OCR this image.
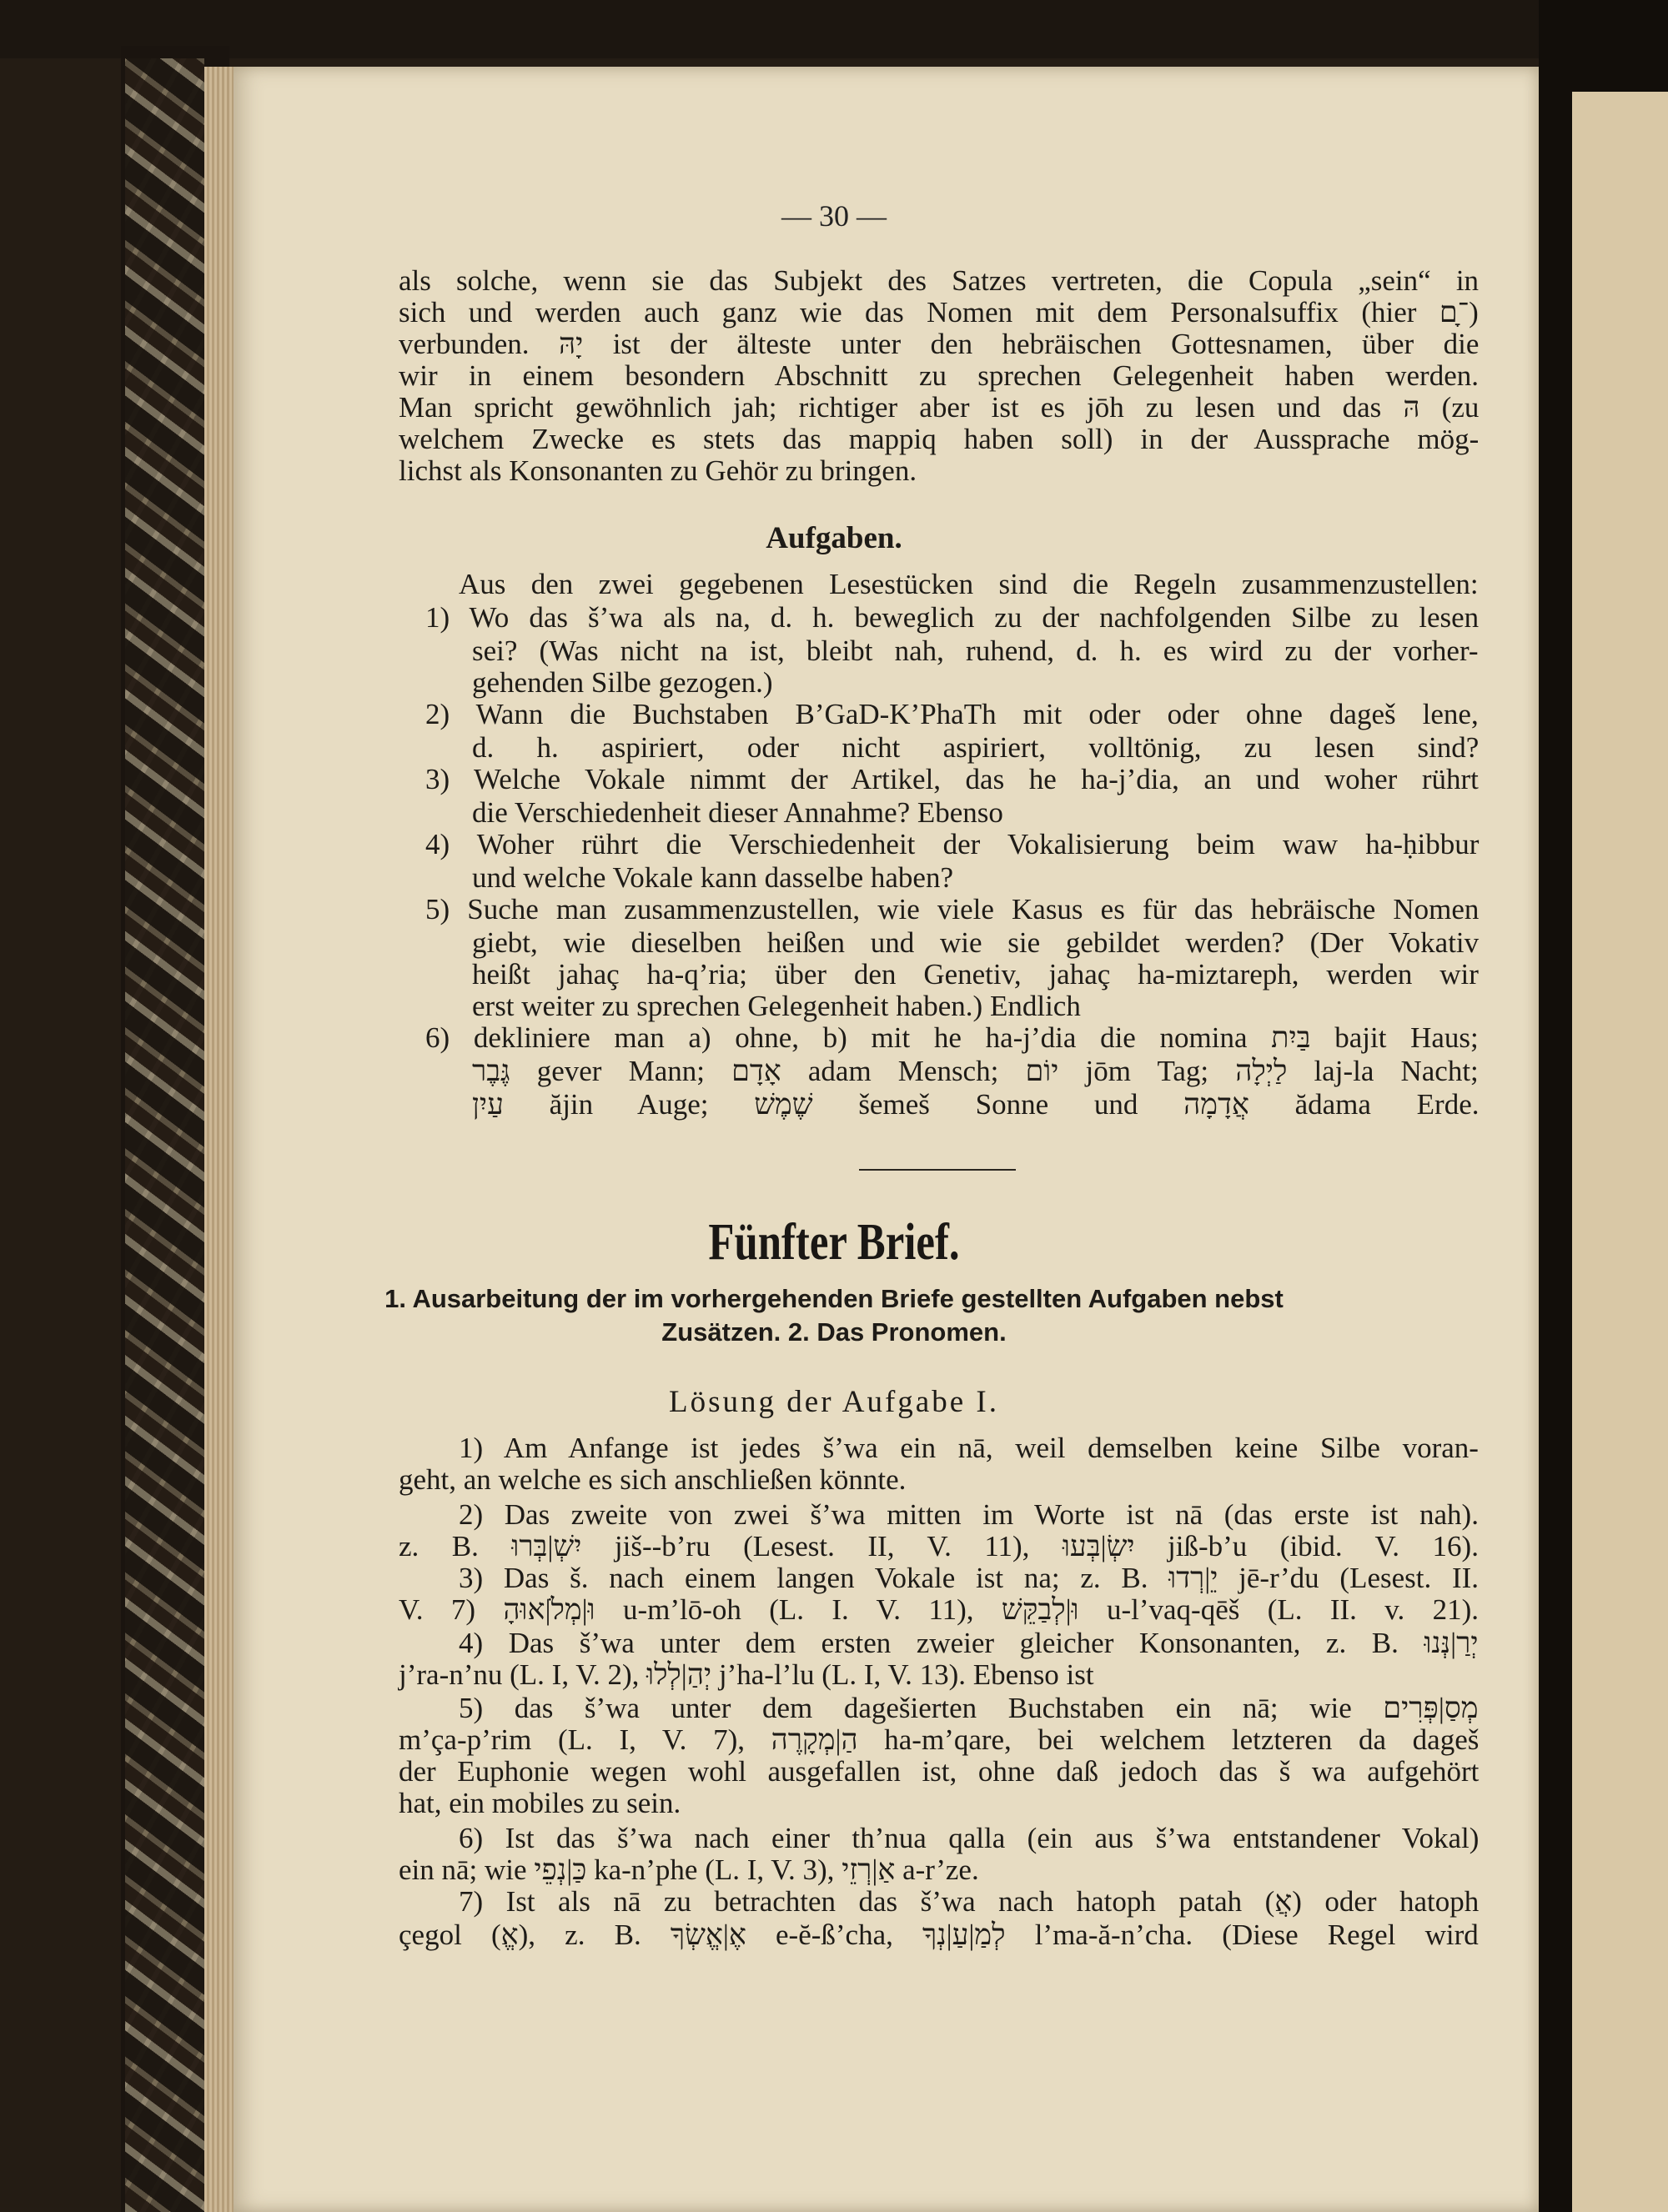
— 30 —
als solche, wenn sie das Subjekt des Satzes vertreten, die Copula „sein“ in
sich und werden auch ganz wie das Nomen mit dem Personalsuffix (hier ־ָם)
verbunden. יָהּ ist der älteste unter den hebräischen Gottesnamen, über die
wir in einem besondern Abschnitt zu sprechen Gelegenheit haben werden.
Man spricht gewöhnlich jah; richtiger aber ist es jōh zu lesen und das הּ (zu
welchem Zwecke es stets das mappiq haben soll) in der Aussprache mög-
lichst als Konsonanten zu Gehör zu bringen.
Aus den zwei gegebenen Lesestücken sind die Regeln zusammenzustellen:
1) Wo das š’wa als na, d. h. beweglich zu der nachfolgenden Silbe zu lesen
sei? (Was nicht na ist, bleibt nah, ruhend, d. h. es wird zu der vorher-
gehenden Silbe gezogen.)
2) Wann die Buchstaben B’GaD-K’PhaTh mit oder oder ohne dageš lene,
d. h. aspiriert, oder nicht aspiriert, volltönig, zu lesen sind?
3) Welche Vokale nimmt der Artikel, das he ha-j’dia, an und woher rührt
die Verschiedenheit dieser Annahme? Ebenso
4) Woher rührt die Verschiedenheit der Vokalisierung beim waw ha-ḥibbur
und welche Vokale kann dasselbe haben?
5) Suche man zusammenzustellen, wie viele Kasus es für das hebräische Nomen
giebt, wie dieselben heißen und wie sie gebildet werden? (Der Vokativ
heißt jahaç ha-q’ria; über den Genetiv, jahaç ha-miztareph, werden wir
erst weiter zu sprechen Gelegenheit haben.) Endlich
6) dekliniere man a) ohne, b) mit he ha-j’dia die nomina בַּיִת bajit Haus;
גֶּבֶר gever Mann; אָדָם adam Mensch; יוֹם jōm Tag; לַיְלָה laj-la Nacht;
עַיִן ăjin Auge; שֶׁמֶשׁ šemeš Sonne und אֲדָמָה ădama Erde.
1) Am Anfange ist jedes š’wa ein nā, weil demselben keine Silbe voran-
geht, an welche es sich anschließen könnte.
2) Das zweite von zwei š’wa mitten im Worte ist nā (das erste ist nah).
z. B. יִשְׁ|בְּרוּ jiš--b’ru (Lesest. II, V. 11), יִשְׂ|בְּעוּ jiß-b’u (ibid. V. 16).
3) Das š. nach einem langen Vokale ist na; z. B. יֵ|רְדוּ jē-r’du (Lesest. II.
V. 7) וּ|מְלֹ|אוּהָ u-m’lō-oh (L. I. V. 11), וּ|לְבַקֵּשׁ u-l’vaq-qēš (L. II. v. 21).
4) Das š’wa unter dem ersten zweier gleicher Konsonanten, z. B. יְרַ|נְּנוּ
j’ra-n’nu (L. I, V. 2), יְהַ|לְלוּ j’ha-l’lu (L. I, V. 13). Ebenso ist
5) das š’wa unter dem dagešierten Buchstaben ein nā; wie מְסַ|פְּרִים
m’ça-p’rim (L. I, V. 7), הַ|מְקָרֶה ha-m’qare, bei welchem letzteren da dageš
der Euphonie wegen wohl ausgefallen ist, ohne daß jedoch das š wa aufgehört
hat, ein mobiles zu sein.
6) Ist das š’wa nach einer th’nua qalla (ein aus š’wa entstandener Vokal)
ein nā; wie כַּ|נְפֵי ka-n’phe (L. I, V. 3), אַ|רְזֵי a-r’ze.
7) Ist als nā zu betrachten das š’wa nach hatoph patah (אֲ) oder hatoph
çegol (אֱ), z. B. אֶ|אֱשְׂךָ e-ĕ-ß’cha, לְמַ|עַ|נְךָ l’ma-ă-n’cha. (Diese Regel wird
Aufgaben.
Fünfter Brief.
1. Ausarbeitung der im vorhergehenden Briefe gestellten Aufgaben nebst
Zusätzen. 2. Das Pronomen.
Lösung der Aufgabe I.
